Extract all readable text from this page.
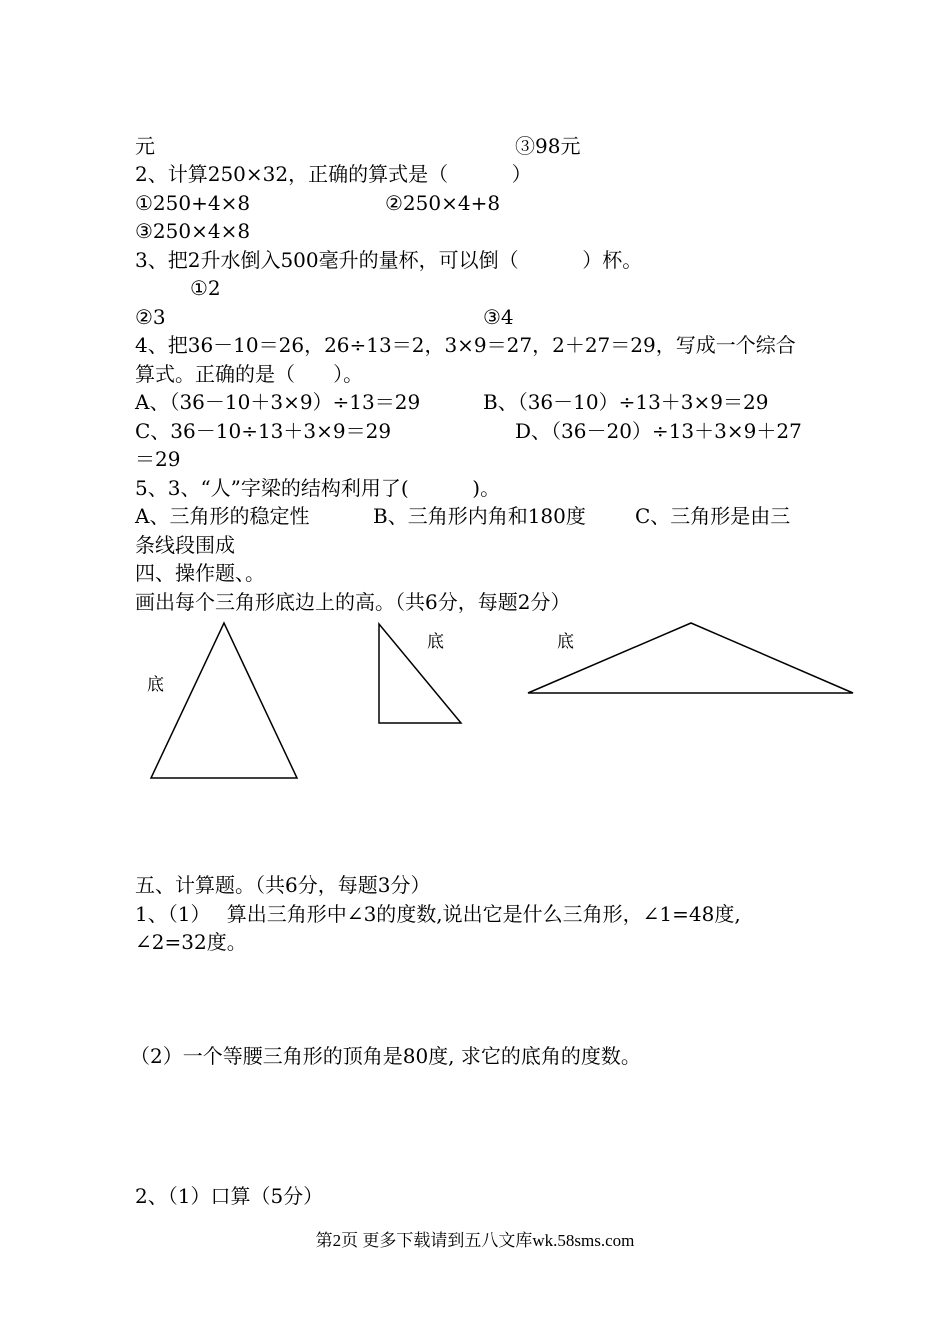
元	③98元
2、计算250×32，正确的算式是（          ）
①250+4×8	②250×4+8
③250×4×8
3、把2升水倒入500毫升的量杯，可以倒（          ）杯。
①2
②3	③4
4、把36－10＝26，26÷13＝2，3×9＝27，2＋27＝29，写成一个综合
算式。正确的是（      ）。
A、（36－10＋3×9）÷13＝29	B、（36－10）÷13＋3×9＝29
C、36－10÷13＋3×9＝29	D、（36－20）÷13＋3×9＋27
＝29
5、3、“人”字梁的结构利用了(          )。
A、三角形的稳定性	B、三角形内角和180度 C、三角形是由三
条线段围成
四、操作题、。
画出每个三角形底边上的高。（共6分，每题2分）
底
底	底
五、计算题。（共6分，每题3分）
1、（1）　 算出三角形中∠3的度数,说出它是什么三角形，∠1=48度,
∠2=32度。
（2）一个等腰三角形的顶角是80度, 求它的底角的度数。
2、（1）口算（5分）
第2页 更多下载请到五八文库wk.58sms.com
